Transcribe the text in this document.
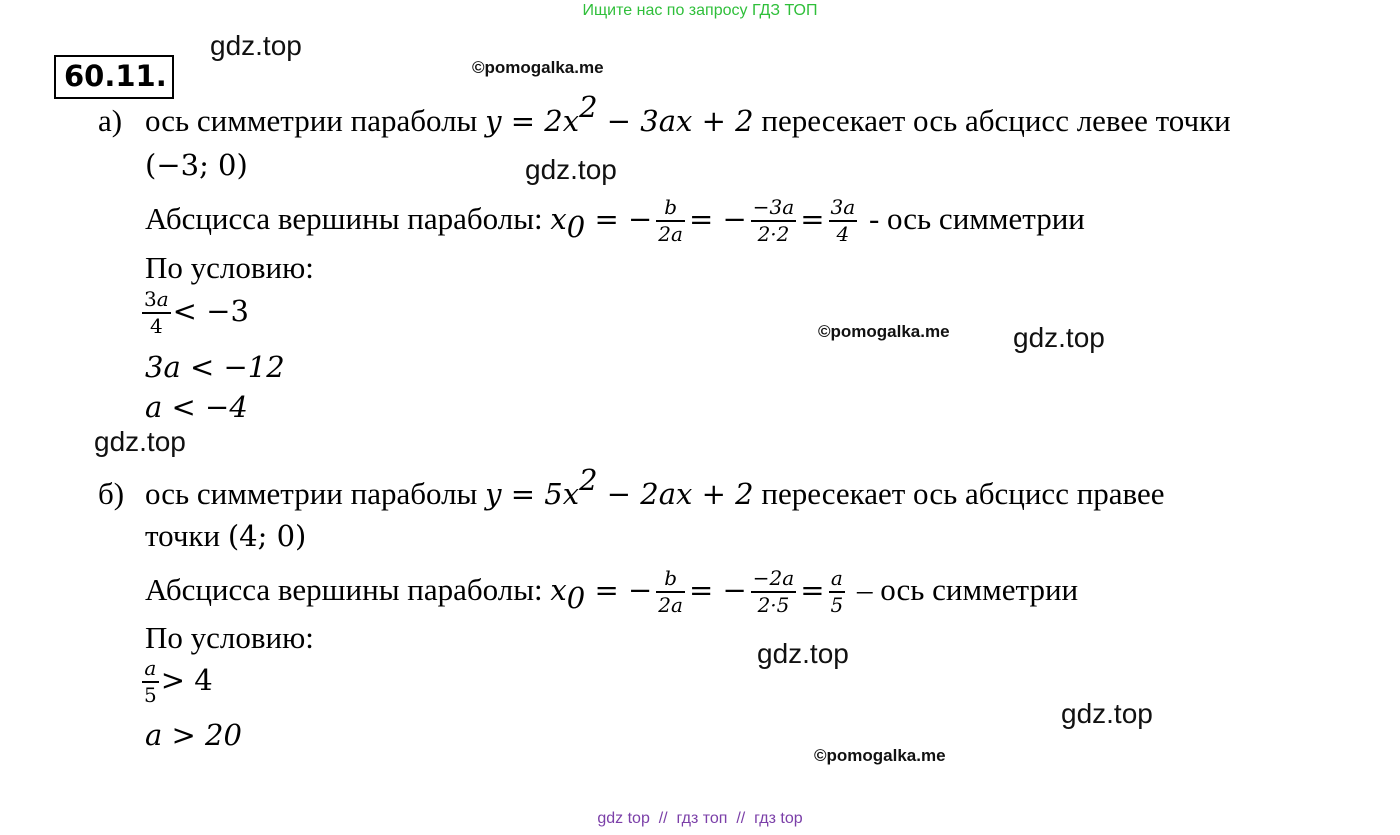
Ищите нас по запросу ГДЗ ТОП
60.11.
gdz.top
©pomogalka.me
gdz.top
©pomogalka.me gdz.top
gdz.top
gdz.top
gdz.top
©pomogalka.me
а) ось симметрии параболы $y = 2x^2 - 3ax + 2$ пересекает ось абсцисс левее точки
(−3; 0)
Абсцисса вершины параболы: $x_0$ = − $\frac{b}{2a}$ = − $\frac{-3a}{2\cdot 2} = \frac{3a}{4}$ - ось симметрии
По условию:
$\frac{3a}{4} < -3$
3a < −12
a < −4
б) ось симметрии параболы $y = 5x^2 - 2ax + 2$ пересекает ось абсцисс правее
точки (4; 0)
Абсцисса вершины параболы: $x_0$ = − $\frac{b}{2a}$ = − $\frac{-2a}{2\cdot 5} = \frac{a}{5}$ – ось симметрии
По условию:
$\frac{a}{5} > 4$
a > 20
gdz top // гдз топ // гдз top
